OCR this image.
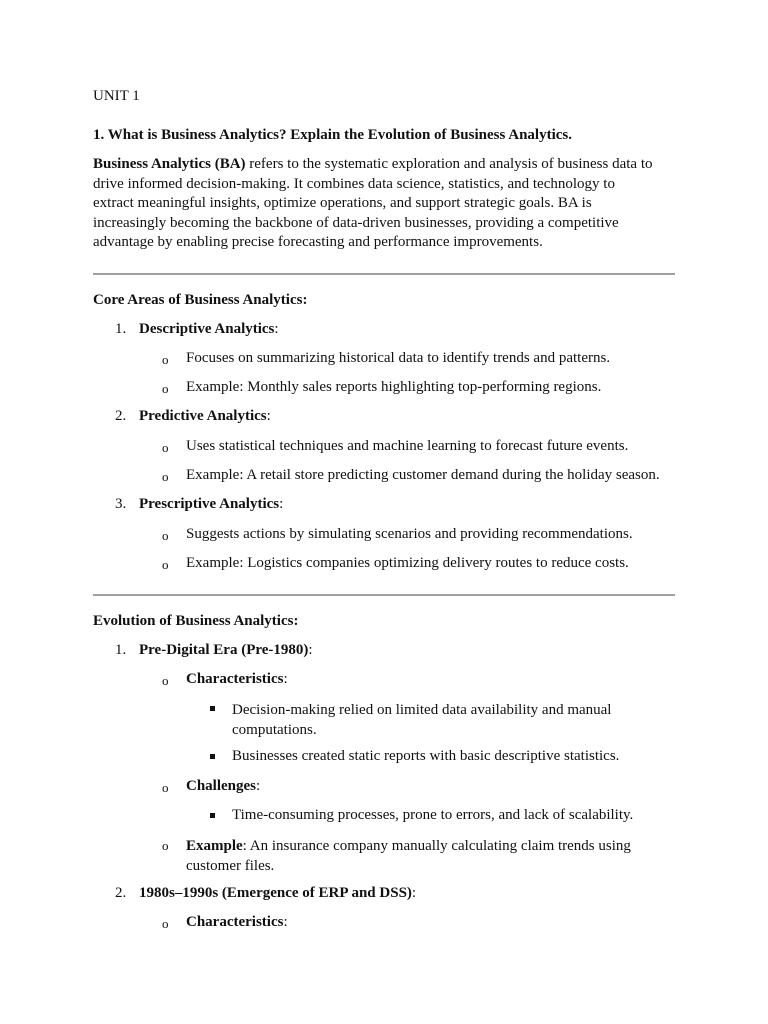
UNIT 1
1. What is Business Analytics? Explain the Evolution of Business Analytics.
Business Analytics (BA) refers to the systematic exploration and analysis of business data to
drive informed decision-making. It combines data science, statistics, and technology to
extract meaningful insights, optimize operations, and support strategic goals. BA is
increasingly becoming the backbone of data-driven businesses, providing a competitive
advantage by enabling precise forecasting and performance improvements.
Core Areas of Business Analytics:
1. Descriptive Analytics:
o Focuses on summarizing historical data to identify trends and patterns.
o Example: Monthly sales reports highlighting top-performing regions.
2. Predictive Analytics:
o Uses statistical techniques and machine learning to forecast future events.
o Example: A retail store predicting customer demand during the holiday season.
3. Prescriptive Analytics:
o Suggests actions by simulating scenarios and providing recommendations.
o Example: Logistics companies optimizing delivery routes to reduce costs.
Evolution of Business Analytics:
1. Pre-Digital Era (Pre-1980):
o Characteristics:
Decision-making relied on limited data availability and manual
computations.
Businesses created static reports with basic descriptive statistics.
o Challenges:
Time-consuming processes, prone to errors, and lack of scalability.
o Example: An insurance company manually calculating claim trends using
customer files.
2. 1980s–1990s (Emergence of ERP and DSS):
o Characteristics:
